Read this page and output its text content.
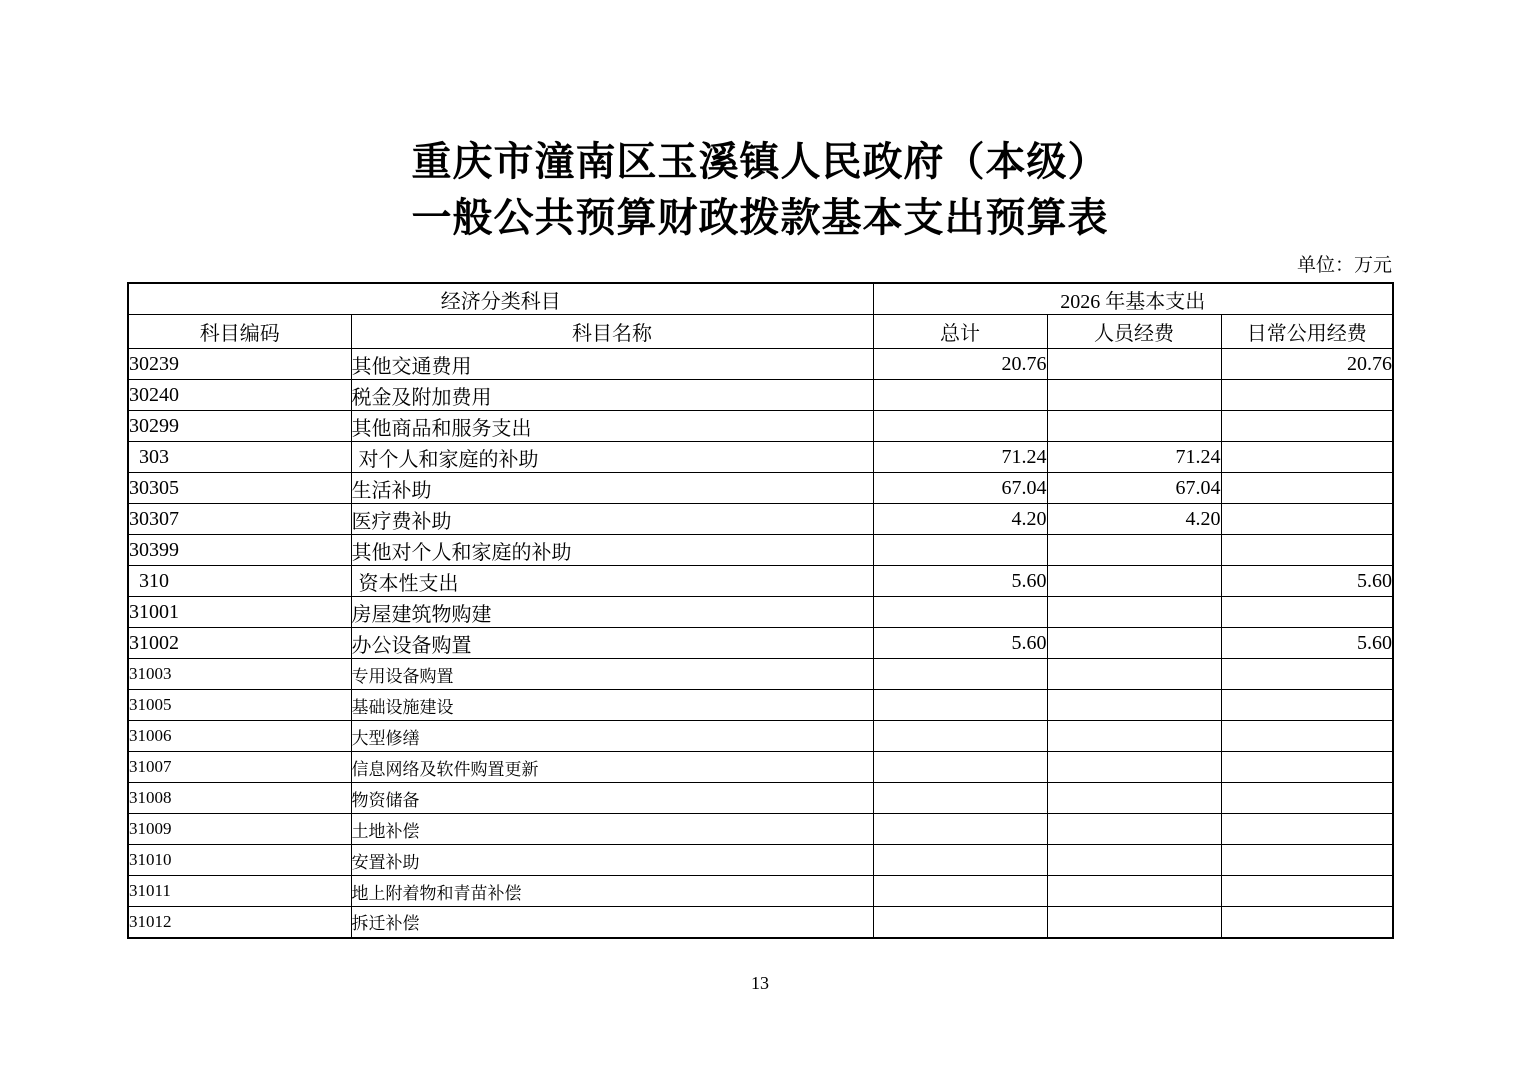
重庆市潼南区玉溪镇人民政府（本级）
一般公共预算财政拨款基本支出预算表
单位：万元
经济分类科目		2026 年基本支出		
科目编码	科目名称	总计	人员经费	日常公用经费
30239	其他交通费用	20.76		20.76
30240	税金及附加费用			
30299	其他商品和服务支出			
303	对个人和家庭的补助	71.24	71.24	
30305	生活补助	67.04	67.04	
30307	医疗费补助	4.20	4.20	
30399	其他对个人和家庭的补助			
310	资本性支出	5.60		5.60
31001	房屋建筑物购建			
31002	办公设备购置	5.60		5.60
31003	专用设备购置			
31005	基础设施建设			
31006	大型修缮			
31007	信息网络及软件购置更新			
31008	物资储备			
31009	土地补偿			
31010	安置补助			
31011	地上附着物和青苗补偿			
31012	拆迁补偿			
13
